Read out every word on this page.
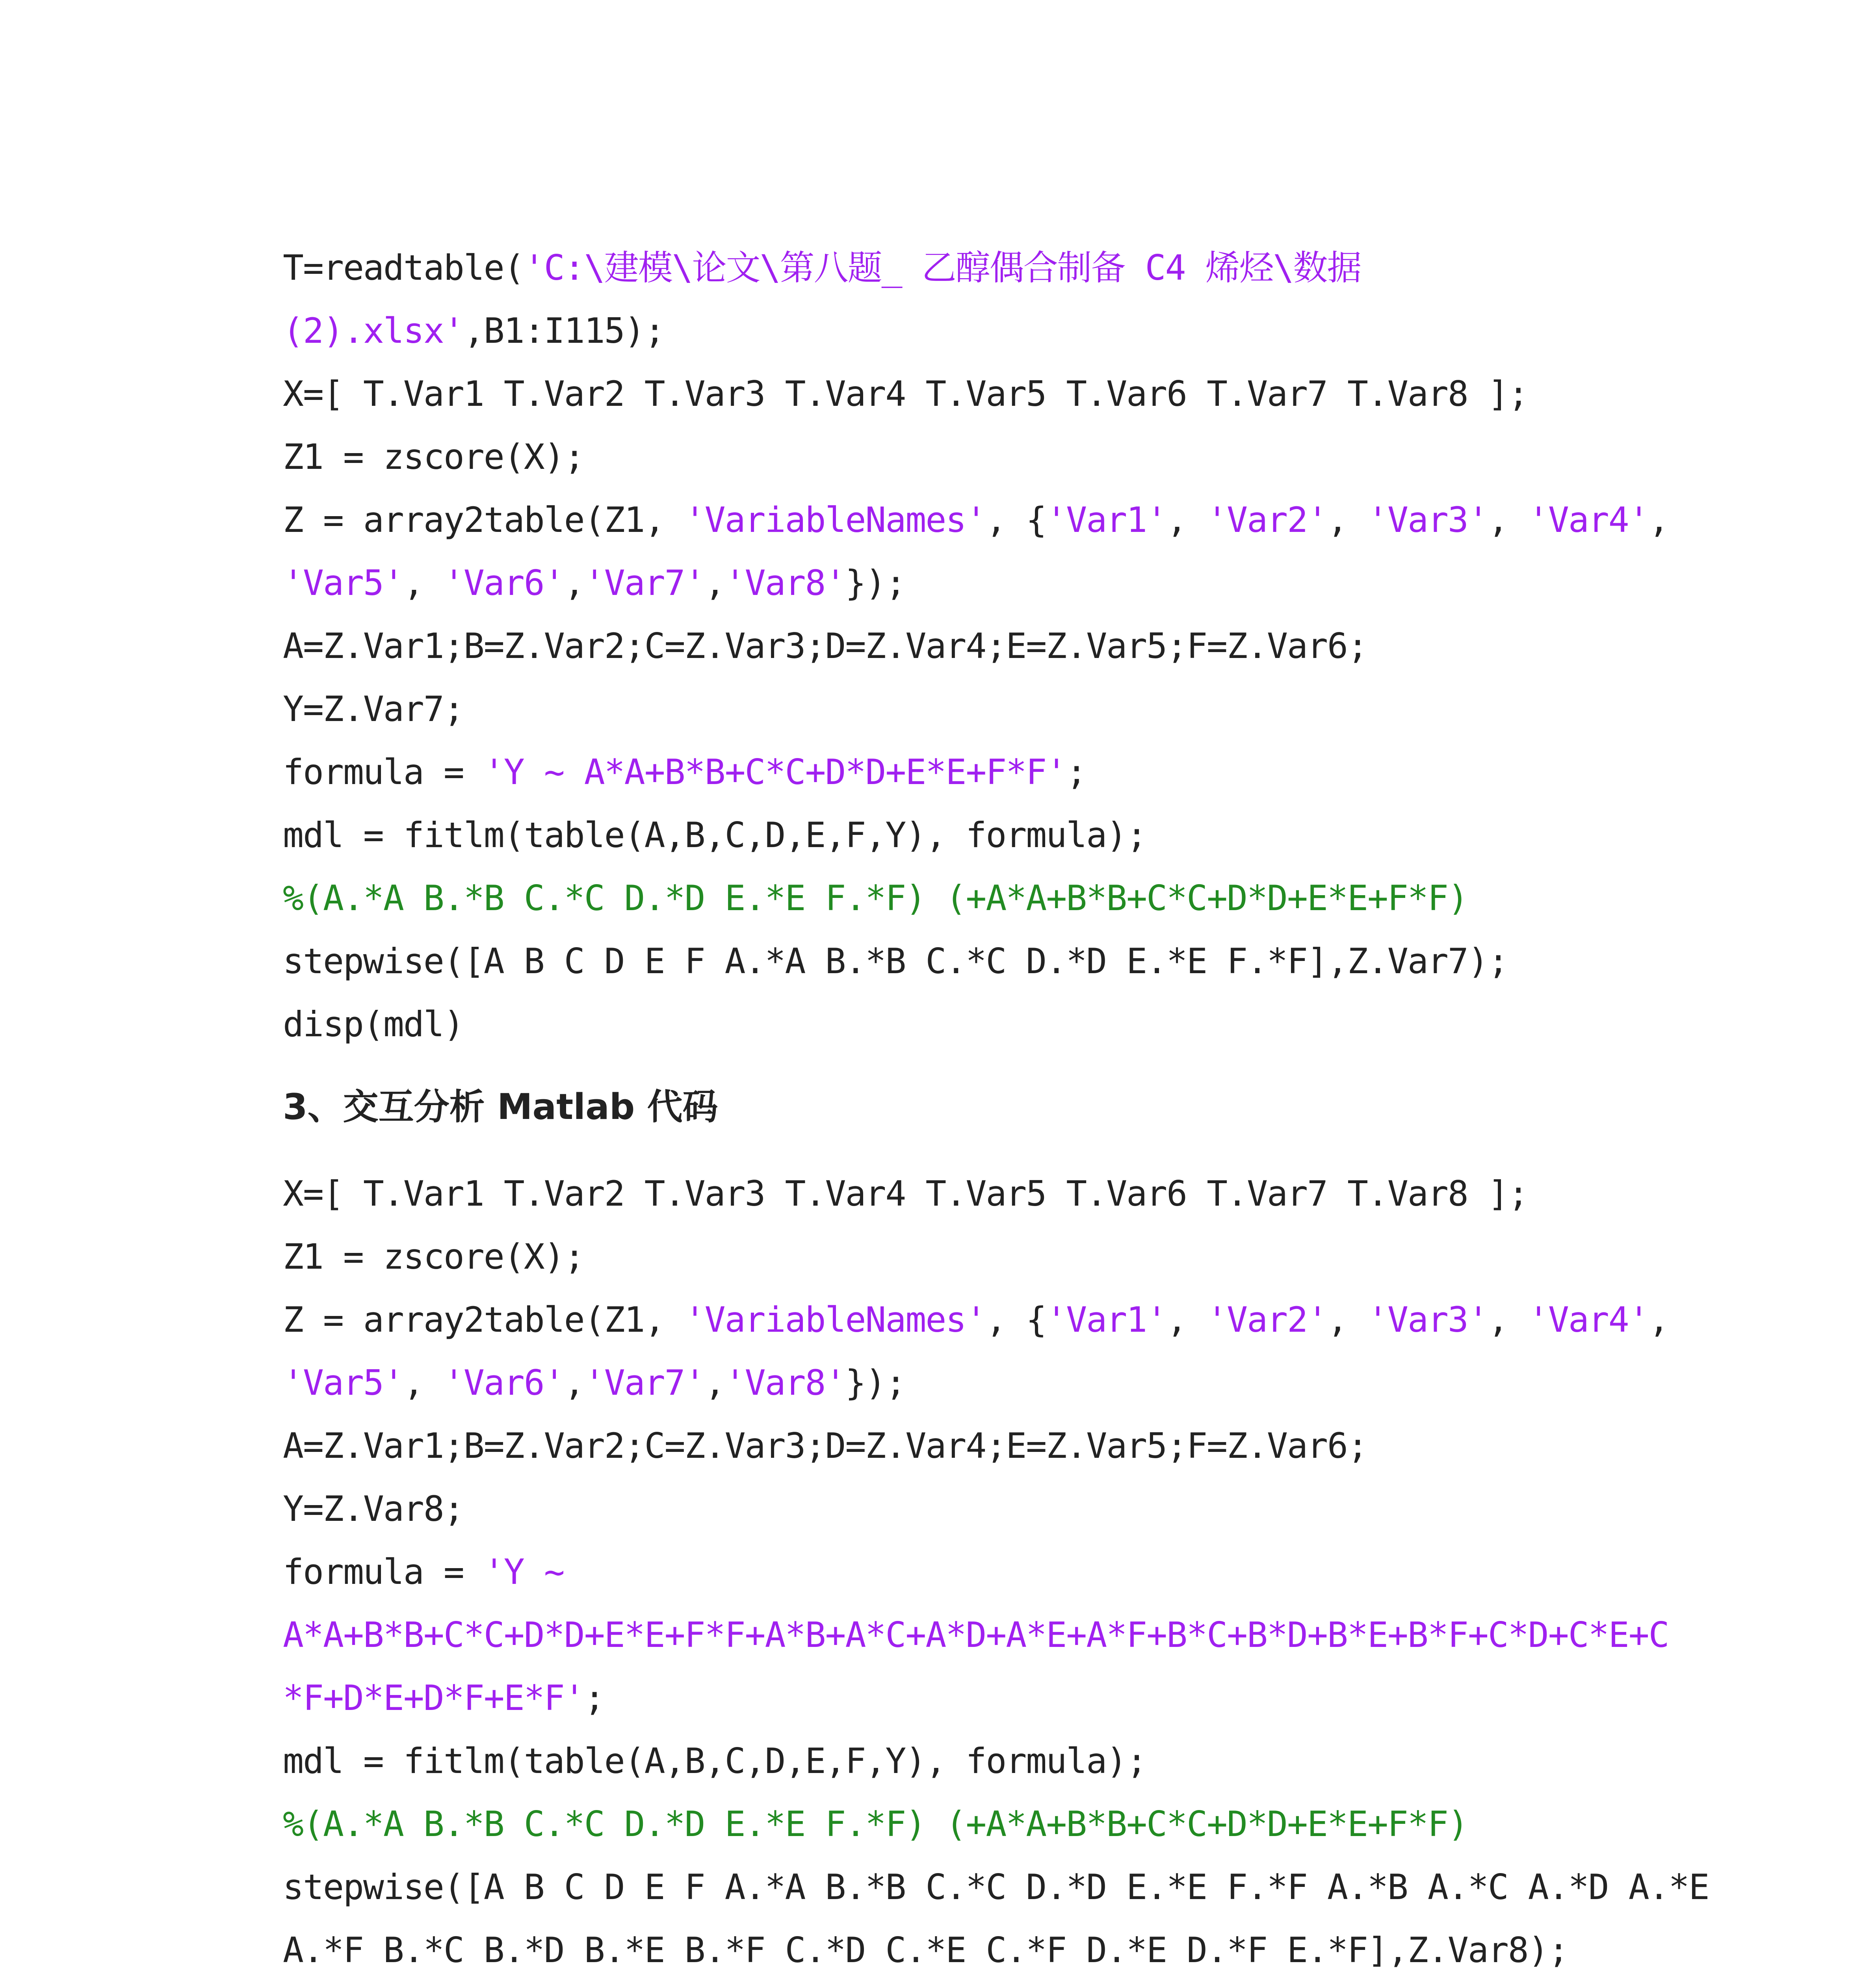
T=readtable('C:\建模\论文\第八题_ 乙醇偶合制备 C4 烯烃\数据
(2).xlsx',B1:I115);
X=[ T.Var1 T.Var2 T.Var3 T.Var4 T.Var5 T.Var6 T.Var7 T.Var8 ];
Z1 = zscore(X);
Z = array2table(Z1, 'VariableNames', {'Var1', 'Var2', 'Var3', 'Var4',
'Var5', 'Var6','Var7','Var8'});
A=Z.Var1;B=Z.Var2;C=Z.Var3;D=Z.Var4;E=Z.Var5;F=Z.Var6;
Y=Z.Var7;
formula = 'Y ~ A*A+B*B+C*C+D*D+E*E+F*F';
mdl = fitlm(table(A,B,C,D,E,F,Y), formula);
%(A.*A B.*B C.*C D.*D E.*E F.*F) (+A*A+B*B+C*C+D*D+E*E+F*F)
stepwise([A B C D E F A.*A B.*B C.*C D.*D E.*E F.*F],Z.Var7);
disp(mdl)
3、交互分析 Matlab 代码
X=[ T.Var1 T.Var2 T.Var3 T.Var4 T.Var5 T.Var6 T.Var7 T.Var8 ];
Z1 = zscore(X);
Z = array2table(Z1, 'VariableNames', {'Var1', 'Var2', 'Var3', 'Var4',
'Var5', 'Var6','Var7','Var8'});
A=Z.Var1;B=Z.Var2;C=Z.Var3;D=Z.Var4;E=Z.Var5;F=Z.Var6;
Y=Z.Var8;
formula = 'Y ~
A*A+B*B+C*C+D*D+E*E+F*F+A*B+A*C+A*D+A*E+A*F+B*C+B*D+B*E+B*F+C*D+C*E+C
*F+D*E+D*F+E*F';
mdl = fitlm(table(A,B,C,D,E,F,Y), formula);
%(A.*A B.*B C.*C D.*D E.*E F.*F) (+A*A+B*B+C*C+D*D+E*E+F*F)
stepwise([A B C D E F A.*A B.*B C.*C D.*D E.*E F.*F A.*B A.*C A.*D A.*E
A.*F B.*C B.*D B.*E B.*F C.*D C.*E C.*F D.*E D.*F E.*F],Z.Var8);
